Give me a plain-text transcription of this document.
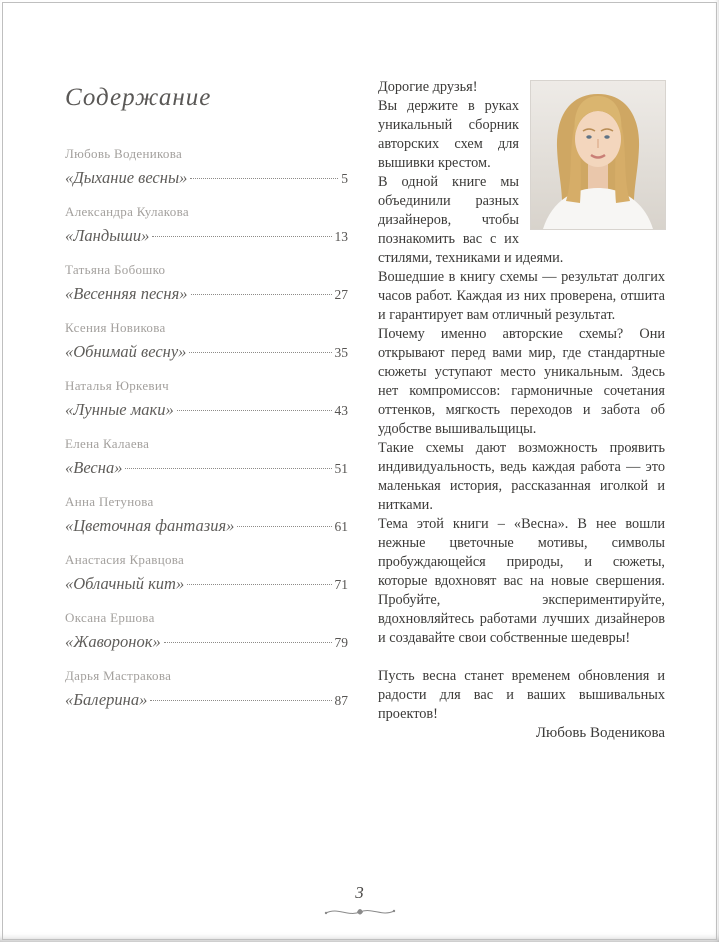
Содержание
Любовь Воденикова
«Дыхание весны»	5
Александра Кулакова
«Ландыши»	13
Татьяна Бобошко
«Весенняя песня»	27
Ксения Новикова
«Обнимай весну»	35
Наталья Юркевич
«Лунные маки»	43
Елена Калаева
«Весна»	51
Анна Петунова
«Цветочная фантазия»	61
Анастасия Кравцова
«Облачный кит»	71
Оксана Ершова
«Жаворонок»	79
Дарья Мастракова
«Балерина»	87

Дорогие друзья!

Вы держите в руках уникальный сборник авторских схем для вышивки крестом.

В одной книге мы объединили разных дизайнеров, чтобы познакомить вас с их стилями, техниками и идеями.

Вошедшие в книгу схемы — результат долгих часов работ. Каждая из них проверена, отшита и гарантирует вам отличный результат.

Почему именно авторские схемы? Они открывают перед вами мир, где стандартные сюжеты уступают место уникальным. Здесь нет компромиссов: гармоничные сочетания оттенков, мягкость переходов и забота об удобстве вышивальщицы.

Такие схемы дают возможность проявить индивидуальность, ведь каждая работа — это маленькая история, рассказанная иголкой и нитками.

Тема этой книги – «Весна». В нее вошли нежные цветочные мотивы, символы пробуждающейся природы, и сюжеты, которые вдохновят вас на новые свершения. Пробуйте, экспериментируйте, вдохновляйтесь работами лучших дизайнеров и создавайте свои собственные шедевры!

Пусть весна станет временем обновления и радости для вас и ваших вышивальных проектов!

Любовь Воденикова

3
